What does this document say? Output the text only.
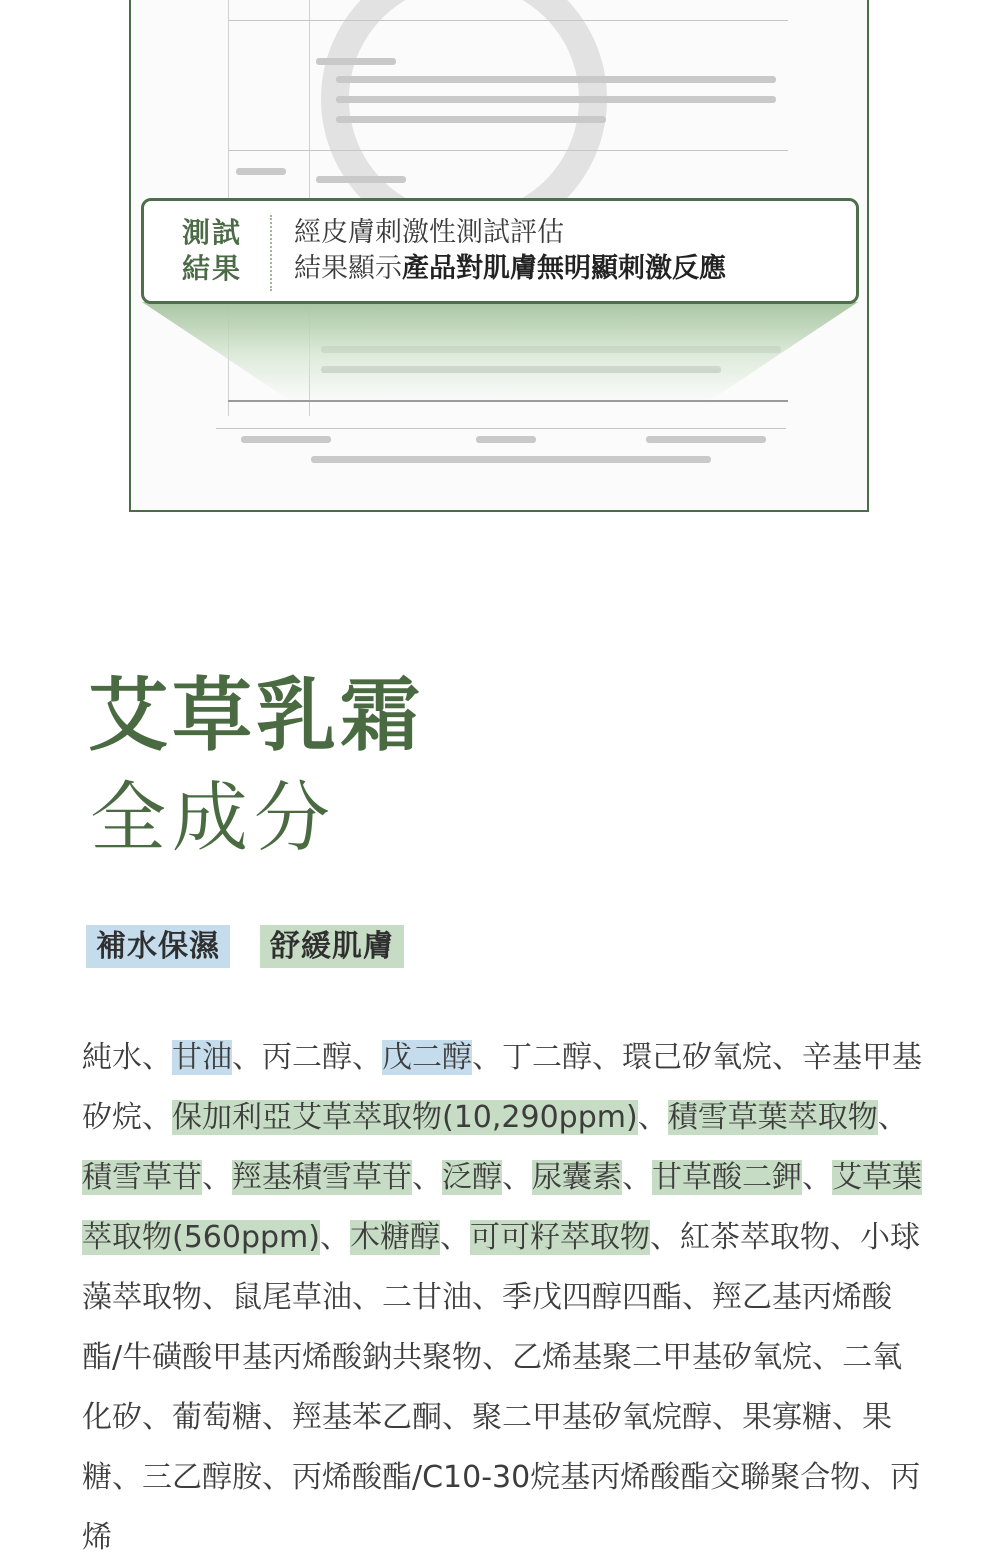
測試
結果
經皮膚刺激性測試評估
結果顯示產品對肌膚無明顯刺激反應
艾草乳霜
全成分
補水保濕	舒緩肌膚
純水、甘油、丙二醇、戊二醇、丁二醇、環己矽氧烷、辛基甲基矽烷、保加利亞艾草萃取物(10,290ppm)、積雪草葉萃取物、積雪草苷、羥基積雪草苷、泛醇、尿囊素、甘草酸二鉀、艾草葉萃取物(560ppm)、木糖醇、可可籽萃取物、紅茶萃取物、小球藻萃取物、鼠尾草油、二甘油、季戊四醇四酯、羥乙基丙烯酸酯/牛磺酸甲基丙烯酸鈉共聚物、乙烯基聚二甲基矽氧烷、二氧化矽、葡萄糖、羥基苯乙酮、聚二甲基矽氧烷醇、果寡糖、果糖、三乙醇胺、丙烯酸酯/C10-30烷基丙烯酸酯交聯聚合物、丙烯
